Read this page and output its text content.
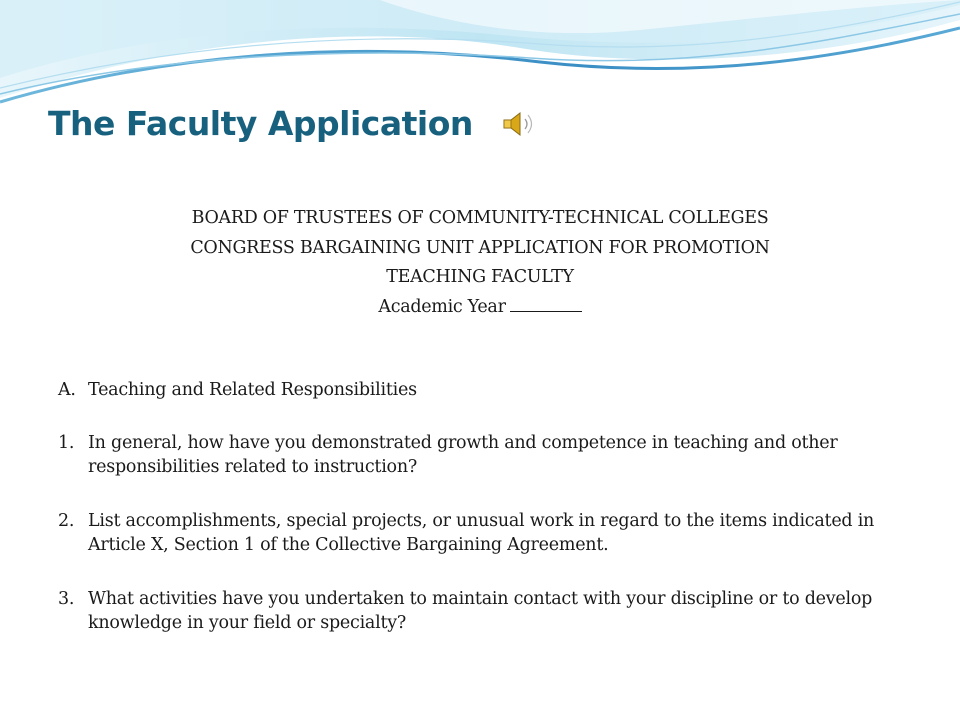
The Faculty Application
BOARD OF TRUSTEES OF COMMUNITY-TECHNICAL COLLEGES
CONGRESS BARGAINING UNIT APPLICATION FOR PROMOTION
TEACHING FACULTY
Academic Year
A. Teaching and Related Responsibilities
1. In general, how have you demonstrated growth and competence in teaching and other responsibilities related to instruction?
2. List accomplishments, special projects, or unusual work in regard to the items indicated in Article X, Section 1 of the Collective Bargaining Agreement.
3. What activities have you undertaken to maintain contact with your discipline or to develop knowledge in your field or specialty?
